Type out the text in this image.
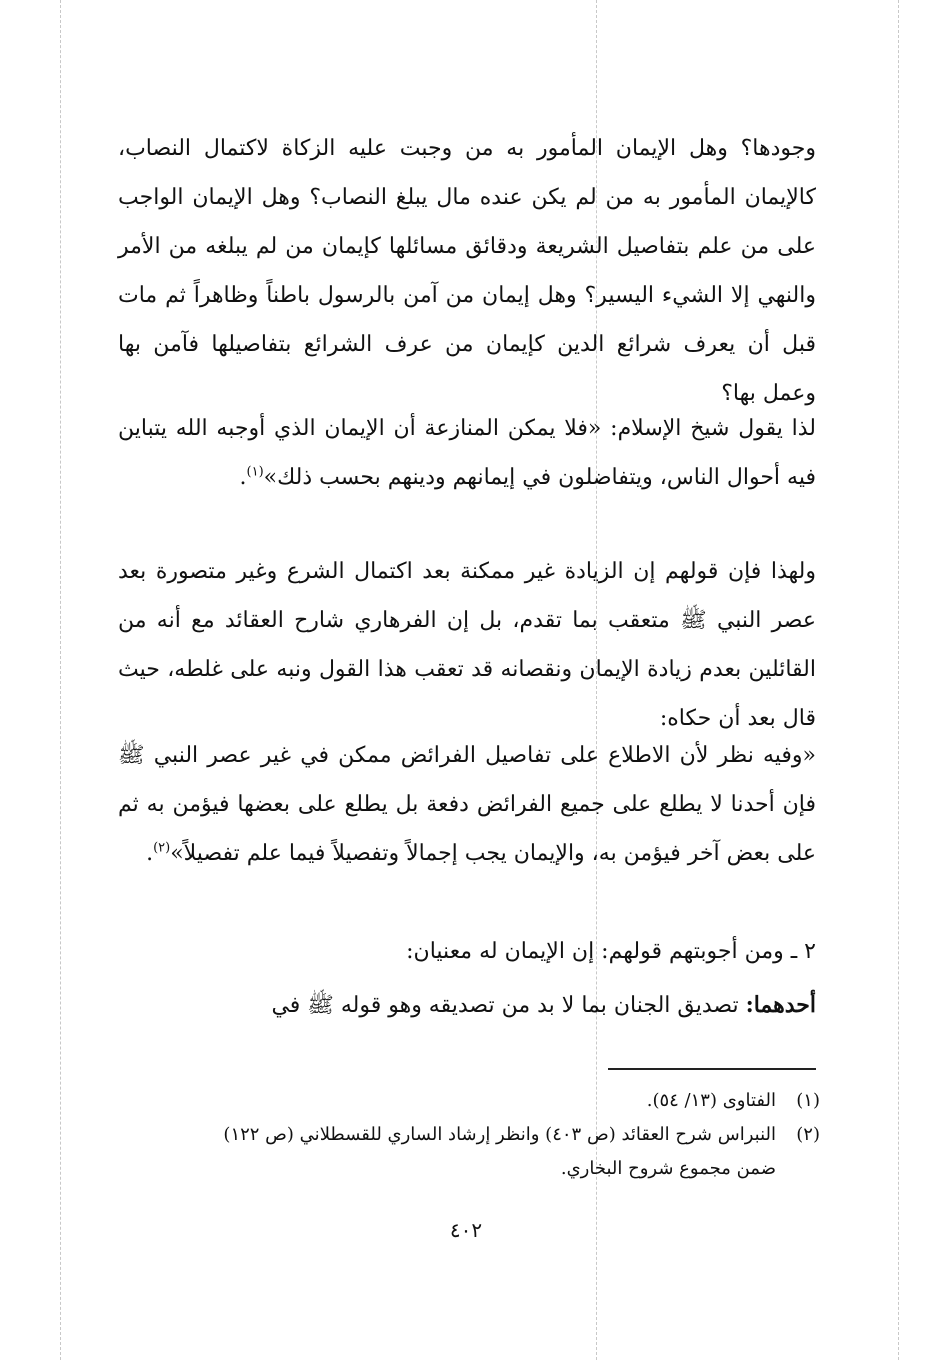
وجودها؟ وهل الإيمان المأمور به من وجبت عليه الزكاة لاكتمال النصاب، كالإيمان المأمور به من لم يكن عنده مال يبلغ النصاب؟ وهل الإيمان الواجب على من علم بتفاصيل الشريعة ودقائق مسائلها كإيمان من لم يبلغه من الأمر والنهي إلا الشيء اليسير؟ وهل إيمان من آمن بالرسول باطناً وظاهراً ثم مات قبل أن يعرف شرائع الدين كإيمان من عرف الشرائع بتفاصيلها فآمن بها وعمل بها؟
لذا يقول شيخ الإسلام: «فلا يمكن المنازعة أن الإيمان الذي أوجبه الله يتباين فيه أحوال الناس، ويتفاضلون في إيمانهم ودينهم بحسب ذلك»$^{(١)}$.
ولهذا فإن قولهم إن الزيادة غير ممكنة بعد اكتمال الشرع وغير متصورة بعد عصر النبي ﷺ متعقب بما تقدم، بل إن الفرهاري شارح العقائد مع أنه من القائلين بعدم زيادة الإيمان ونقصانه قد تعقب هذا القول ونبه على غلطه، حيث قال بعد أن حكاه:
«وفيه نظر لأن الاطلاع على تفاصيل الفرائض ممكن في غير عصر النبي ﷺ فإن أحدنا لا يطلع على جميع الفرائض دفعة بل يطلع على بعضها فيؤمن به ثم على بعض آخر فيؤمن به، والإيمان يجب إجمالاً وتفصيلاً فيما علم تفصيلاً»$^{(٢)}$.
٢ ـ ومن أجوبتهم قولهم: إن الإيمان له معنيان:
أحدهما: تصديق الجنان بما لا بد من تصديقه وهو قوله ﷺ في
(١)الفتاوى (١٣/ ٥٤).
(٢)النبراس شرح العقائد (ص ٤٠٣) وانظر إرشاد الساري للقسطلاني (ص ١٢٢)
ضمن مجموع شروح البخاري.
٤٠٢
